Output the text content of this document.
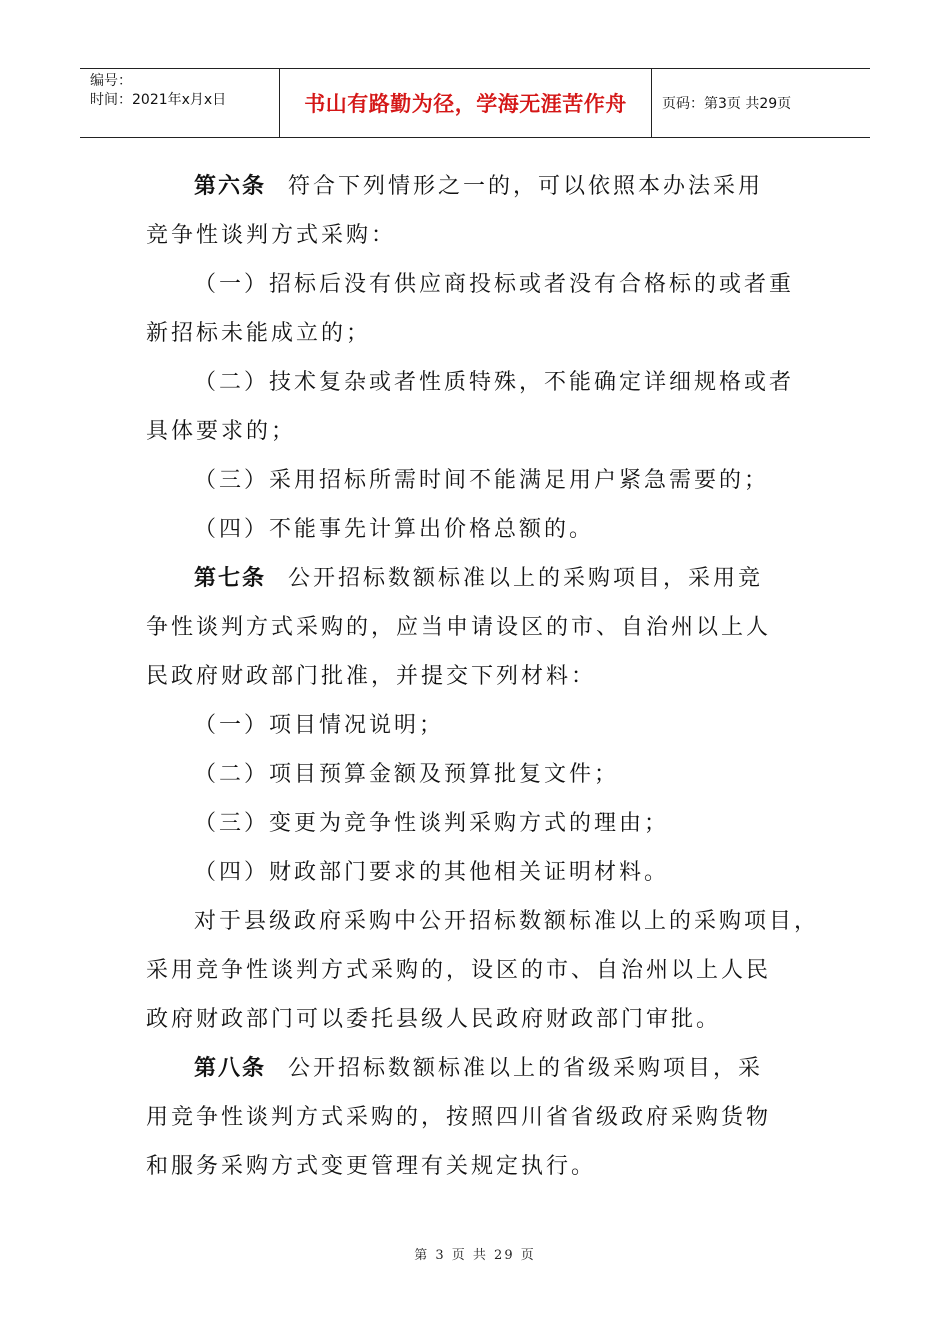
编号：
时间：2021年x月x日	书山有路勤为径，学海无涯苦作舟	页码：第3页 共29页

第六条 符合下列情形之一的，可以依照本办法采用

竞争性谈判方式采购：

（一）招标后没有供应商投标或者没有合格标的或者重

新招标未能成立的；

（二）技术复杂或者性质特殊，不能确定详细规格或者

具体要求的；

（三）采用招标所需时间不能满足用户紧急需要的；

（四）不能事先计算出价格总额的。

第七条 公开招标数额标准以上的采购项目，采用竞

争性谈判方式采购的，应当申请设区的市、自治州以上人

民政府财政部门批准，并提交下列材料：

（一）项目情况说明；

（二）项目预算金额及预算批复文件；

（三）变更为竞争性谈判采购方式的理由；

（四）财政部门要求的其他相关证明材料。

对于县级政府采购中公开招标数额标准以上的采购项目，

采用竞争性谈判方式采购的，设区的市、自治州以上人民

政府财政部门可以委托县级人民政府财政部门审批。

第八条 公开招标数额标准以上的省级采购项目，采

用竞争性谈判方式采购的，按照四川省省级政府采购货物

和服务采购方式变更管理有关规定执行。

第 3 页 共 29 页
